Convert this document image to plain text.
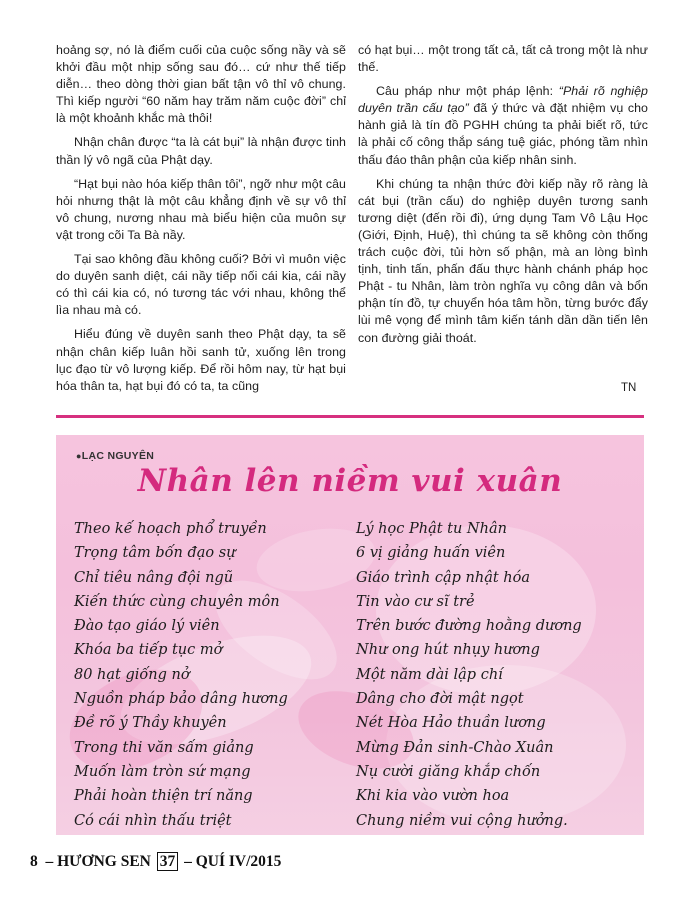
hoảng sợ, nó là điểm cuối của cuộc sống nầy và sẽ khởi đầu một nhịp sống sau đó… cứ như thế tiếp diễn… theo dòng thời gian bất tận vô thỉ vô chung. Thì kiếp người “60 năm hay trăm năm cuộc đời” chỉ là một khoảnh khắc mà thôi!

Nhận chân được “ta là cát bụi” là nhận được tinh thần lý vô ngã của Phật dạy.

“Hạt bụi nào hóa kiếp thân tôi”, ngỡ như một câu hỏi nhưng thật là một câu khẳng định về sự vô thỉ vô chung, nương nhau mà biểu hiện của muôn sự vật trong cõi Ta Bà nầy.

Tại sao không đầu không cuối? Bởi vì muôn việc do duyên sanh diệt, cái nầy tiếp nối cái kia, cái nầy có thì cái kia có, nó tương tác với nhau, không thể lìa nhau mà có.

Hiểu đúng về duyên sanh theo Phật dạy, ta sẽ nhận chân kiếp luân hồi sanh tử, xuống lên trong lục đạo từ vô lượng kiếp. Để rồi hôm nay, từ hạt bụi hóa thân ta, hạt bụi đó có ta, ta cũng

có hạt bụi… một trong tất cả, tất cả trong một là như thế.

Câu pháp như một pháp lệnh: “Phải rõ nghiệp duyên trần cấu tạo” đã ý thức và đặt nhiệm vụ cho hành giả là tín đồ PGHH chúng ta phải biết rõ, tức là phải cố công thắp sáng tuệ giác, phóng tầm nhìn thấu đáo thân phận của kiếp nhân sinh.

Khi chúng ta nhận thức đời kiếp nầy rõ ràng là cát bụi (trần cấu) do nghiệp duyên tương sanh tương diệt (đến rồi đi), ứng dụng Tam Vô Lậu Học (Giới, Định, Huệ), thì chúng ta sẽ không còn thống trách cuộc đời, tủi hờn số phận, mà an lòng bình tịnh, tinh tấn, phấn đấu thực hành chánh pháp học Phật - tu Nhân, làm tròn nghĩa vụ công dân và bổn phận tín đồ, tự chuyển hóa tâm hồn, từng bước đẩy lùi mê vọng để mình tâm kiến tánh dần dần tiến lên con đường giải thoát.

TN
●LẠC NGUYÊN
Nhân lên niềm vui xuân
Theo kế hoạch phổ truyền
Trọng tâm bốn đạo sự
Chỉ tiêu nâng đội ngũ
Kiến thức cùng chuyên môn
Đào tạo giáo lý viên
Khóa ba tiếp tục mở
80 hạt giống nở
Nguồn pháp bảo dâng hương
Đề rõ ý Thầy khuyên
Trong thi văn sấm giảng
Muốn làm tròn sứ mạng
Phải hoàn thiện trí năng
Có cái nhìn thấu triệt
Lý học Phật tu Nhân
6 vị giảng huấn viên
Giáo trình cập nhật hóa
Tin vào cư sĩ trẻ
Trên bước đường hoằng dương
Như ong hút nhụy hương
Một năm dài lập chí
Dâng cho đời mật ngọt
Nét Hòa Hảo thuần lương
Mừng Đản sinh-Chào Xuân
Nụ cười giăng khắp chốn
Khi kia vào vườn hoa
Chung niềm vui cộng hưởng.
8 – HƯƠNG SEN 37 – QUÍ IV/2015
